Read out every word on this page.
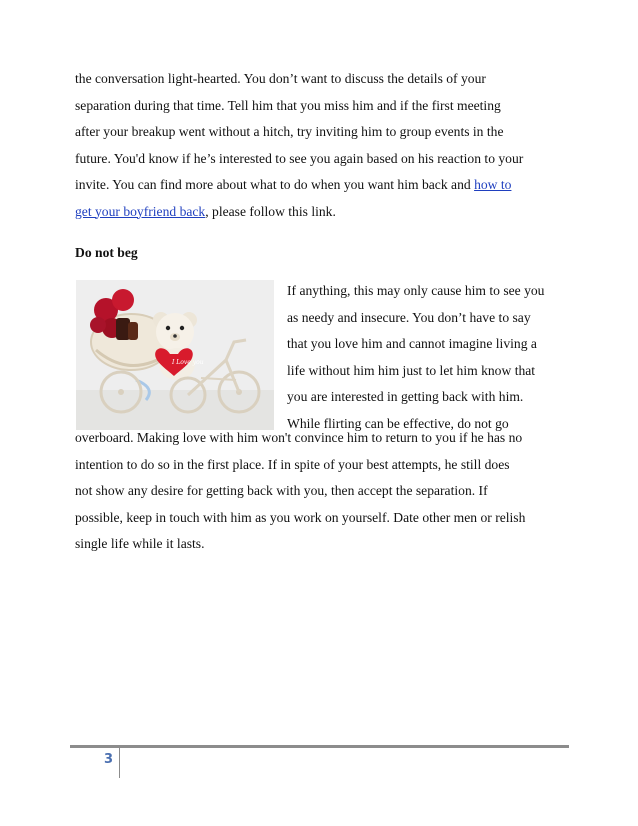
the conversation light-hearted. You don’t want to discuss the details of your
separation during that time. Tell him that you miss him and if the first meeting
after your breakup went without a hitch, try inviting him to group events in the
future. You'd know if he’s interested to see you again based on his reaction to your
invite. You can find more about what to do when you want him back and how to
get your boyfriend back, please follow this link.

Do not beg
I Love you

If anything, this may only cause him to see you
as needy and insecure. You don’t have to say
that you love him and cannot imagine living a
life without him him just to let him know that
you are interested in getting back with him.
While flirting can be effective, do not go

overboard. Making love with him won't convince him to return to you if he has no
intention to do so in the first place. If in spite of your best attempts, he still does
not show any desire for getting back with you, then accept the separation. If
possible, keep in touch with him as you work on yourself. Date other men or relish
single life while it lasts.

3
